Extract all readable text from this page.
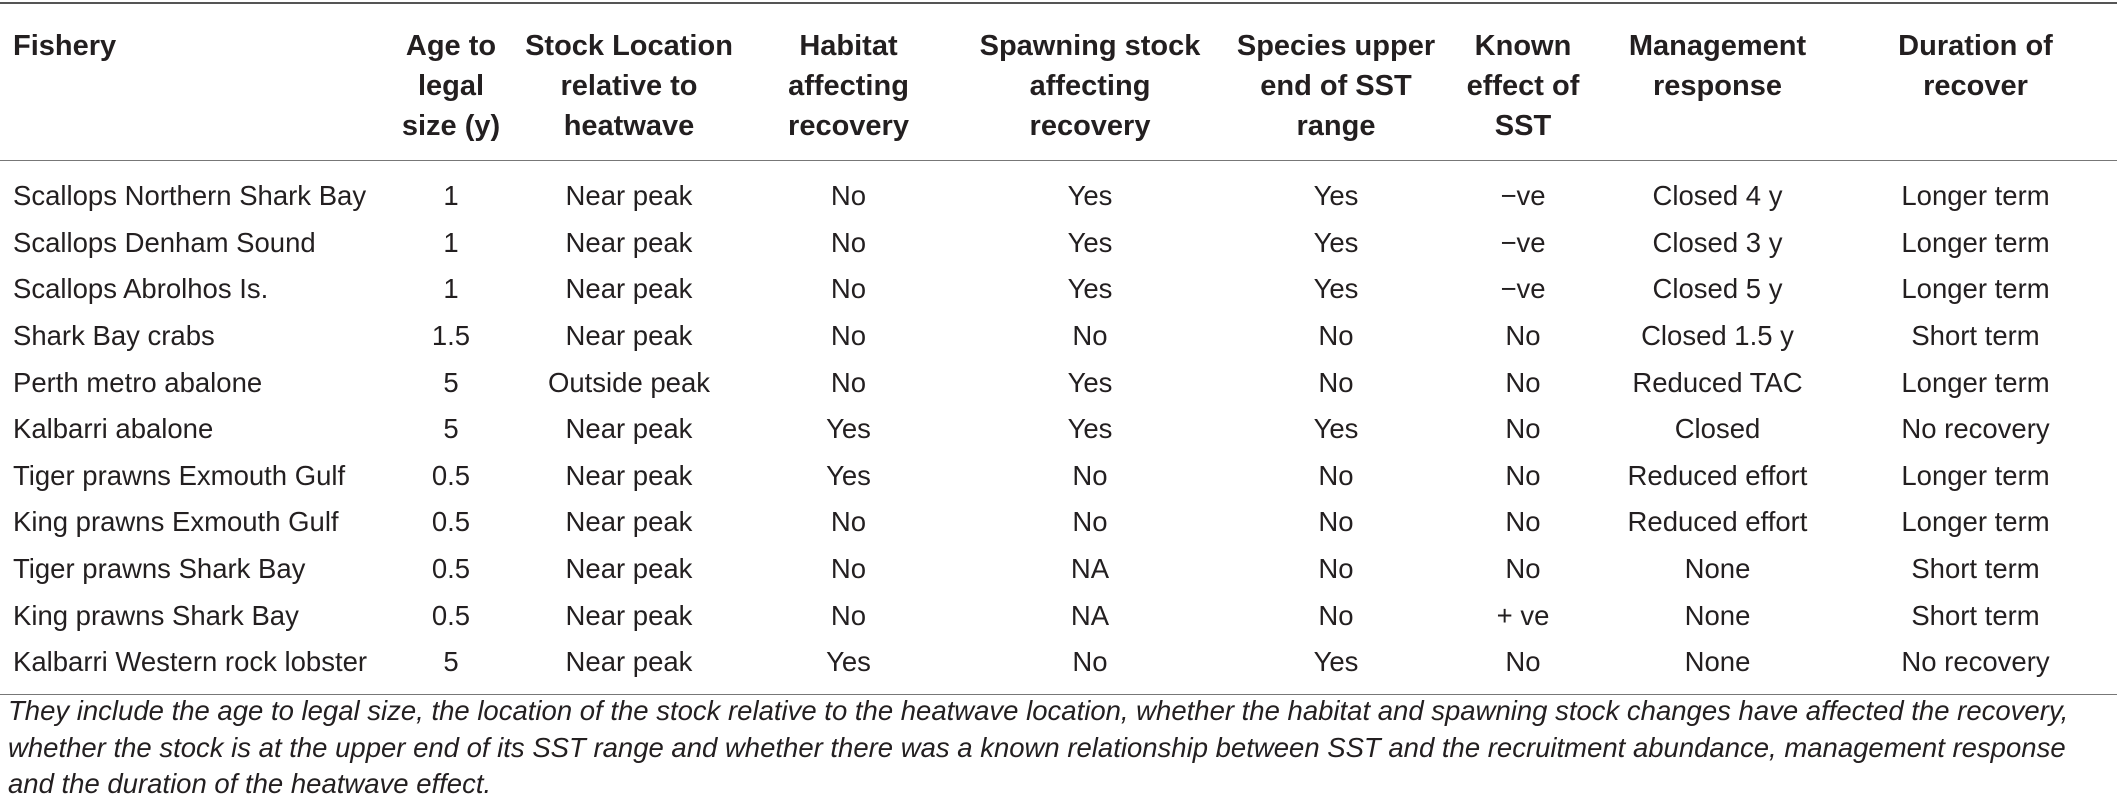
Fishery	Age to
legal
size (y)	Stock Location
relative to
heatwave	Habitat
affecting
recovery	Spawning stock
affecting
recovery	Species upper
end of SST
range	Known
effect of
SST	Management
response	Duration of
recover
Scallops Northern Shark Bay	1	Near peak	No	Yes	Yes	−ve	Closed 4 y	Longer term
Scallops Denham Sound	1	Near peak	No	Yes	Yes	−ve	Closed 3 y	Longer term
Scallops Abrolhos Is.	1	Near peak	No	Yes	Yes	−ve	Closed 5 y	Longer term
Shark Bay crabs	1.5	Near peak	No	No	No	No	Closed 1.5 y	Short term
Perth metro abalone	5	Outside peak	No	Yes	No	No	Reduced TAC	Longer term
Kalbarri abalone	5	Near peak	Yes	Yes	Yes	No	Closed	No recovery
Tiger prawns Exmouth Gulf	0.5	Near peak	Yes	No	No	No	Reduced effort	Longer term
King prawns Exmouth Gulf	0.5	Near peak	No	No	No	No	Reduced effort	Longer term
Tiger prawns Shark Bay	0.5	Near peak	No	NA	No	No	None	Short term
King prawns Shark Bay	0.5	Near peak	No	NA	No	+ ve	None	Short term
Kalbarri Western rock lobster	5	Near peak	Yes	No	Yes	No	None	No recovery
They include the age to legal size, the location of the stock relative to the heatwave location, whether the habitat and spawning stock changes have affected the recovery,
whether the stock is at the upper end of its SST range and whether there was a known relationship between SST and the recruitment abundance, management response
and the duration of the heatwave effect.
